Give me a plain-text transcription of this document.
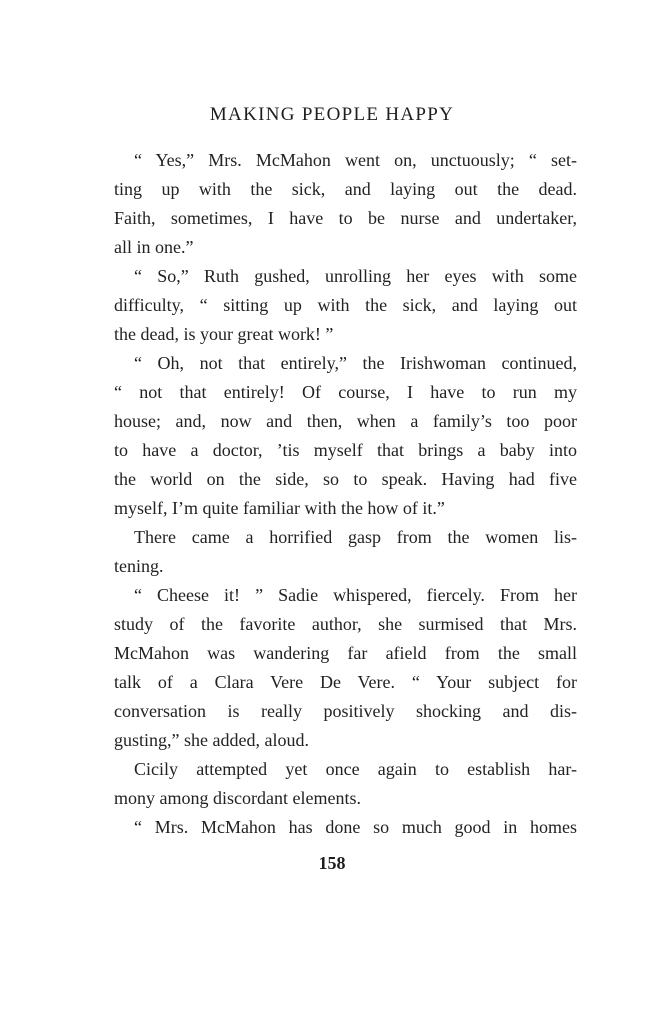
MAKING PEOPLE HAPPY
“ Yes,” Mrs. McMahon went on, unctuously; “ set-
ting up with the sick, and laying out the dead.
Faith, sometimes, I have to be nurse and undertaker,
all in one.”
“ So,” Ruth gushed, unrolling her eyes with some
difficulty, “ sitting up with the sick, and laying out
the dead, is your great work! ”
“ Oh, not that entirely,” the Irishwoman continued,
“ not that entirely! Of course, I have to run my
house; and, now and then, when a family’s too poor
to have a doctor, ’tis myself that brings a baby into
the world on the side, so to speak. Having had five
myself, I’m quite familiar with the how of it.”
There came a horrified gasp from the women lis-
tening.
“ Cheese it! ” Sadie whispered, fiercely. From her
study of the favorite author, she surmised that Mrs.
McMahon was wandering far afield from the small
talk of a Clara Vere De Vere. “ Your subject for
conversation is really positively shocking and dis-
gusting,” she added, aloud.
Cicily attempted yet once again to establish har-
mony among discordant elements.
“ Mrs. McMahon has done so much good in homes
158
